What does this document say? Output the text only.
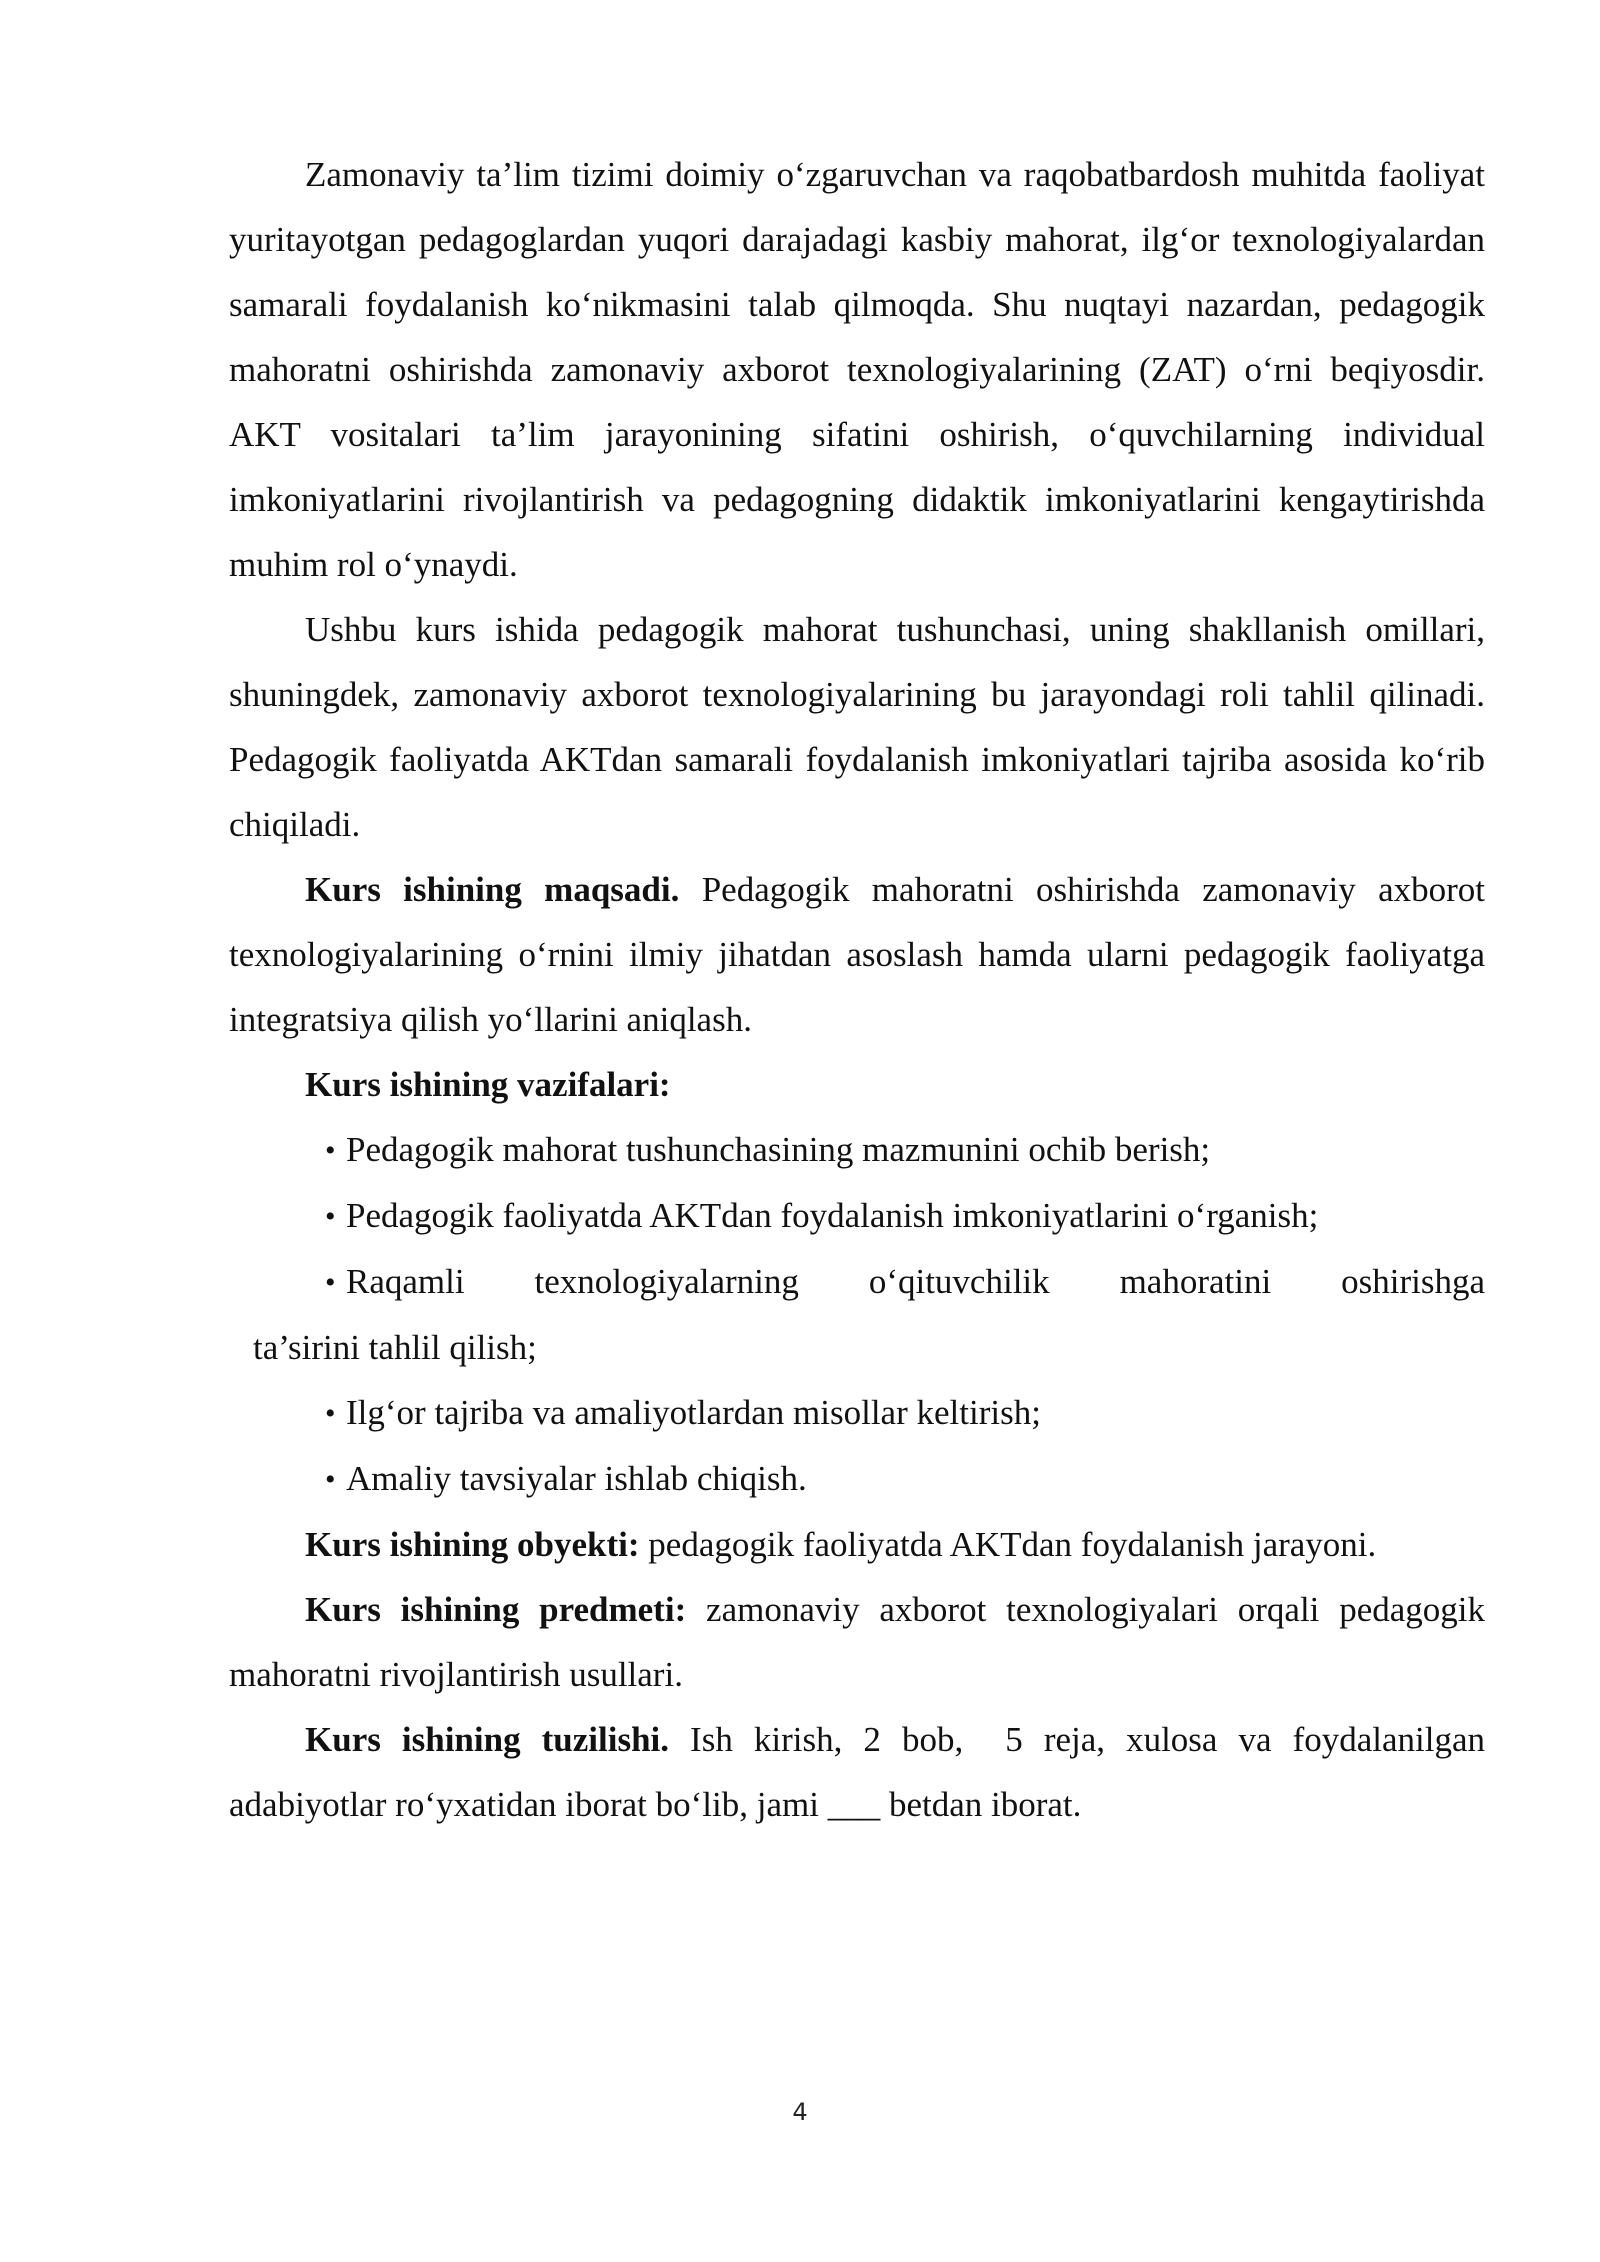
Zamonaviy ta’lim tizimi doimiy o‘zgaruvchan va raqobatbardosh muhitda faoliyat yuritayotgan pedagoglardan yuqori darajadagi kasbiy mahorat, ilg‘or texnologiyalardan samarali foydalanish ko‘nikmasini talab qilmoqda. Shu nuqtayi nazardan, pedagogik mahoratni oshirishda zamonaviy axborot texnologiyalarining (ZAT) o‘rni beqiyosdir. AKT vositalari ta’lim jarayonining sifatini oshirish, o‘quvchilarning individual imkoniyatlarini rivojlantirish va pedagogning didaktik imkoniyatlarini kengaytirishda muhim rol o‘ynaydi.

Ushbu kurs ishida pedagogik mahorat tushunchasi, uning shakllanish omillari, shuningdek, zamonaviy axborot texnologiyalarining bu jarayondagi roli tahlil qilinadi. Pedagogik faoliyatda AKTdan samarali foydalanish imkoniyatlari tajriba asosida ko‘rib chiqiladi.

Kurs ishining maqsadi. Pedagogik mahoratni oshirishda zamonaviy axborot texnologiyalarining o‘rnini ilmiy jihatdan asoslash hamda ularni pedagogik faoliyatga integratsiya qilish yo‘llarini aniqlash.

Kurs ishining vazifalari:

• Pedagogik mahorat tushunchasining mazmunini ochib berish;
• Pedagogik faoliyatda AKTdan foydalanish imkoniyatlarini o‘rganish;
• Raqamli texnologiyalarning o‘qituvchilik mahoratini oshirishga
ta’sirini tahlil qilish;
• Ilg‘or tajriba va amaliyotlardan misollar keltirish;
• Amaliy tavsiyalar ishlab chiqish.

Kurs ishining obyekti: pedagogik faoliyatda AKTdan foydalanish jarayoni.

Kurs ishining predmeti: zamonaviy axborot texnologiyalari orqali pedagogik mahoratni rivojlantirish usullari.

Kurs ishining tuzilishi. Ish kirish, 2 bob,  5 reja, xulosa va foydalanilgan adabiyotlar ro‘yxatidan iborat bo‘lib, jami ___ betdan iborat.

4
